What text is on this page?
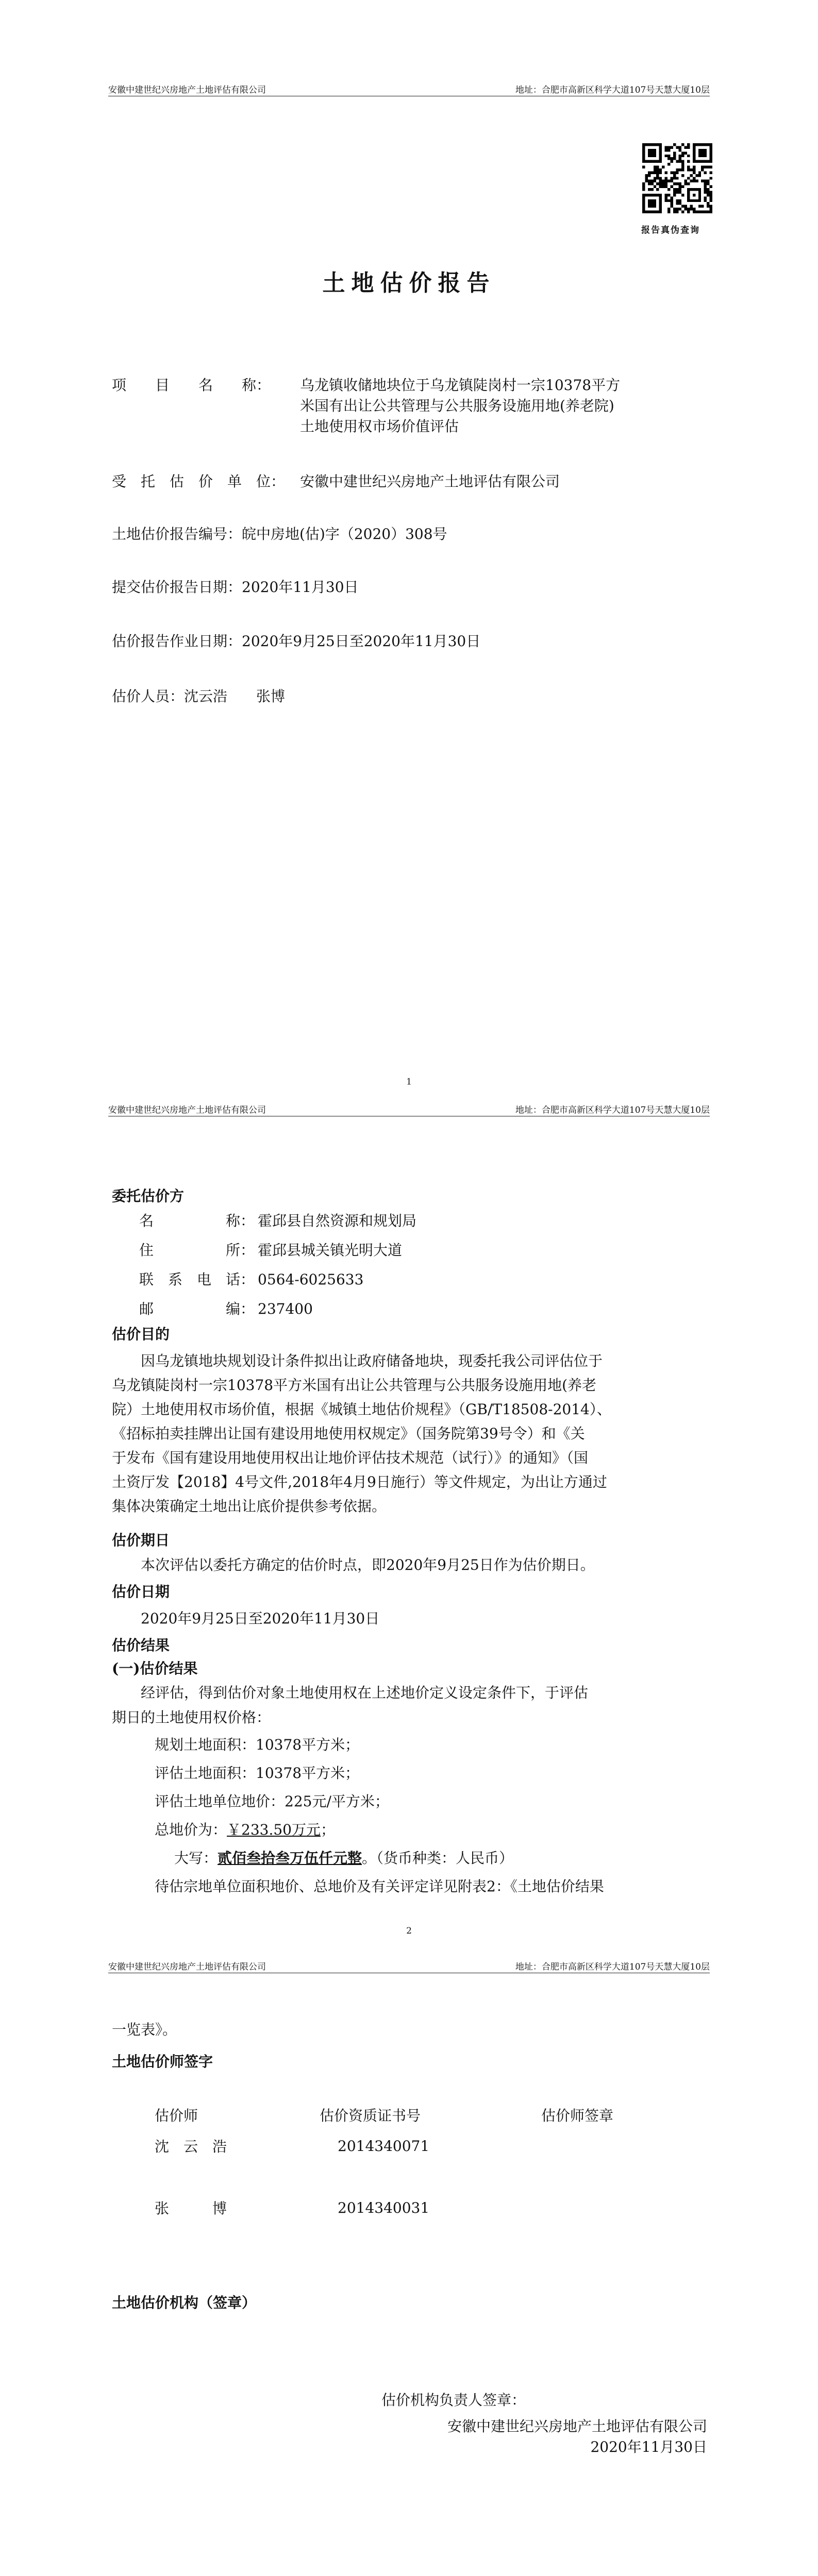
安徽中建世纪兴房地产土地评估有限公司	地址：合肥市高新区科学大道107号天慧大厦10层
报告真伪查询
土地估价报告
项　　目　　名　　称： 乌龙镇收储地块位于乌龙镇陡岗村一宗10378平方
米国有出让公共管理与公共服务设施用地(养老院)
土地使用权市场价值评估
受　托　估　价　单　位： 安徽中建世纪兴房地产土地评估有限公司
土地估价报告编号：皖中房地(估)字（2020）308号
提交估价报告日期：2020年11月30日
估价报告作业日期：2020年9月25日至2020年11月30日
估价人员：沈云浩　　张博
1
安徽中建世纪兴房地产土地评估有限公司	地址：合肥市高新区科学大道107号天慧大厦10层
委托估价方
名　　　　　称： 霍邱县自然资源和规划局
住　　　　　所： 霍邱县城关镇光明大道
联　系　电　话： 0564-6025633
邮　　　　　编： 237400
估价目的
因乌龙镇地块规划设计条件拟出让政府储备地块，现委托我公司评估位于
乌龙镇陡岗村一宗10378平方米国有出让公共管理与公共服务设施用地(养老
院）土地使用权市场价值，根据《城镇土地估价规程》（GB/T18508-2014）、
《招标拍卖挂牌出让国有建设用地使用权规定》（国务院第39号令）和《关
于发布《国有建设用地使用权出让地价评估技术规范（试行）》的通知》（国
土资厅发【2018】4号文件,2018年4月9日施行）等文件规定，为出让方通过
集体决策确定土地出让底价提供参考依据。
估价期日
本次评估以委托方确定的估价时点，即2020年9月25日作为估价期日。
估价日期
2020年9月25日至2020年11月30日
估价结果
(一)估价结果
经评估，得到估价对象土地使用权在上述地价定义设定条件下，于评估
期日的土地使用权价格：
规划土地面积：10378平方米；
评估土地面积：10378平方米；
评估土地单位地价：225元/平方米；
总地价为：￥233.50万元；
大写：贰佰叁拾叁万伍仟元整。（货币种类：人民币）
待估宗地单位面积地价、总地价及有关评定详见附表2：《土地估价结果
2
安徽中建世纪兴房地产土地评估有限公司	地址：合肥市高新区科学大道107号天慧大厦10层
一览表》。
土地估价师签字
估价师	估价资质证书号	估价师签章
沈　云　浩	2014340071	

张　　　博	2014340031	
土地估价机构（签章）
估价机构负责人签章：
安徽中建世纪兴房地产土地评估有限公司
2020年11月30日
